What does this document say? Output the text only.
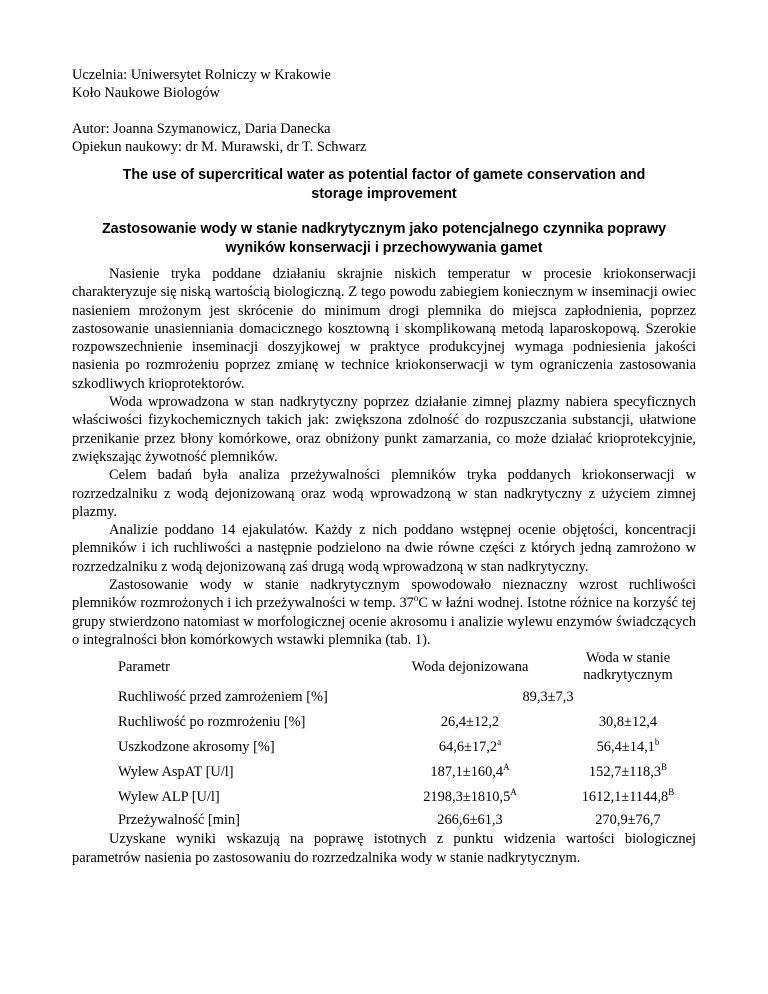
Uczelnia: Uniwersytet Rolniczy w Krakowie
Koło Naukowe Biologów
Autor: Joanna Szymanowicz, Daria Danecka
Opiekun naukowy: dr M. Murawski, dr T. Schwarz
The use of supercritical water as potential factor of gamete conservation and
storage improvement
Zastosowanie wody w stanie nadkrytycznym jako potencjalnego czynnika poprawy
wyników konserwacji i przechowywania gamet

Nasienie tryka poddane działaniu skrajnie niskich temperatur w procesie kriokonserwacji charakteryzuje się niską wartością biologiczną. Z tego powodu zabiegiem koniecznym w inseminacji owiec nasieniem mrożonym jest skrócenie do minimum drogi plemnika do miejsca zapłodnienia, poprzez zastosowanie unasienniania domacicznego kosztowną i skomplikowaną metodą laparoskopową. Szerokie rozpowszechnienie inseminacji doszyjkowej w praktyce produkcyjnej wymaga podniesienia jakości nasienia po rozmrożeniu poprzez zmianę w technice kriokonserwacji w tym ograniczenia zastosowania szkodliwych krioprotektorów.

Woda wprowadzona w stan nadkrytyczny poprzez działanie zimnej plazmy nabiera specyficznych właściwości fizykochemicznych takich jak: zwiększona zdolność do rozpuszczania substancji, ułatwione przenikanie przez błony komórkowe, oraz obniżony punkt zamarzania, co może działać krioprotekcyjnie, zwiększając żywotność plemników.

Celem badań była analiza przeżywalności plemników tryka poddanych kriokonserwacji w rozrzedzalniku z wodą dejonizowaną oraz wodą wprowadzoną w stan nadkrytyczny z użyciem zimnej plazmy.

Analizie poddano 14 ejakulatów. Każdy z nich poddano wstępnej ocenie objętości, koncentracji plemników i ich ruchliwości a następnie podzielono na dwie równe części z których jedną zamrożono w rozrzedzalniku z wodą dejonizowaną zaś drugą wodą wprowadzoną w stan nadkrytyczny.

Zastosowanie wody w stanie nadkrytycznym spowodowało nieznaczny wzrost ruchliwości plemników rozmrożonych i ich przeżywalności w temp. 37$^o$C w łaźni wodnej. Istotne różnice na korzyść tej grupy stwierdzono natomiast w morfologicznej ocenie akrosomu i analizie wylewu enzymów świadczących o integralności błon komórkowych wstawki plemnika (tab. 1).

Parametr	Woda dejonizowana	Woda w stanie
nadkrytycznym

Ruchliwość przed zamrożeniem [%]	89,3±7,3	
Ruchliwość po rozmrożeniu [%]	26,4±12,2	30,8±12,4
Uszkodzone akrosomy [%]	64,6±17,2$^a$	56,4±14,1$^b$
Wylew AspAT [U/l]	$187,1\pm 160,4^A$	$152,7\pm 118,3^B$
Wylew ALP [U/l]	$2198,3\pm 1810,5^A$	$1612,1\pm 1144,8^B$
Przeżywalność [min]	266,6±61,3	270,9±76,7

Uzyskane wyniki wskazują na poprawę istotnych z punktu widzenia wartości biologicznej parametrów nasienia po zastosowaniu do rozrzedzalnika wody w stanie nadkrytycznym.
